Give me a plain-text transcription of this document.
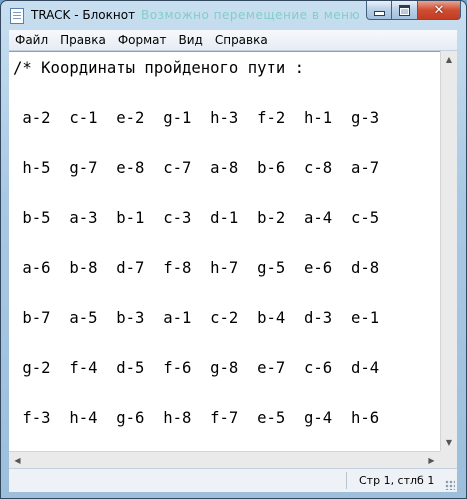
TRACK - Блокнот Возможно перемещение в меню	✕
Файл	Правка	Формат	Вид	Справка
/* Координаты пройденого пути :

a-2  c-1  e-2  g-1  h-3  f-2  h-1  g-3

h-5  g-7  e-8  c-7  a-8  b-6  c-8  a-7

b-5  a-3  b-1  c-3  d-1  b-2  a-4  c-5

a-6  b-8  d-7  f-8  h-7  g-5  e-6  d-8

b-7  a-5  b-3  a-1  c-2  b-4  d-3  e-1

g-2  f-4  d-5  f-6  g-8  e-7  c-6  d-4

f-3  h-4  g-6  h-8  f-7  e-5  g-4  h-6

▲
▼
◀	▶
Стр 1, стлб 1
